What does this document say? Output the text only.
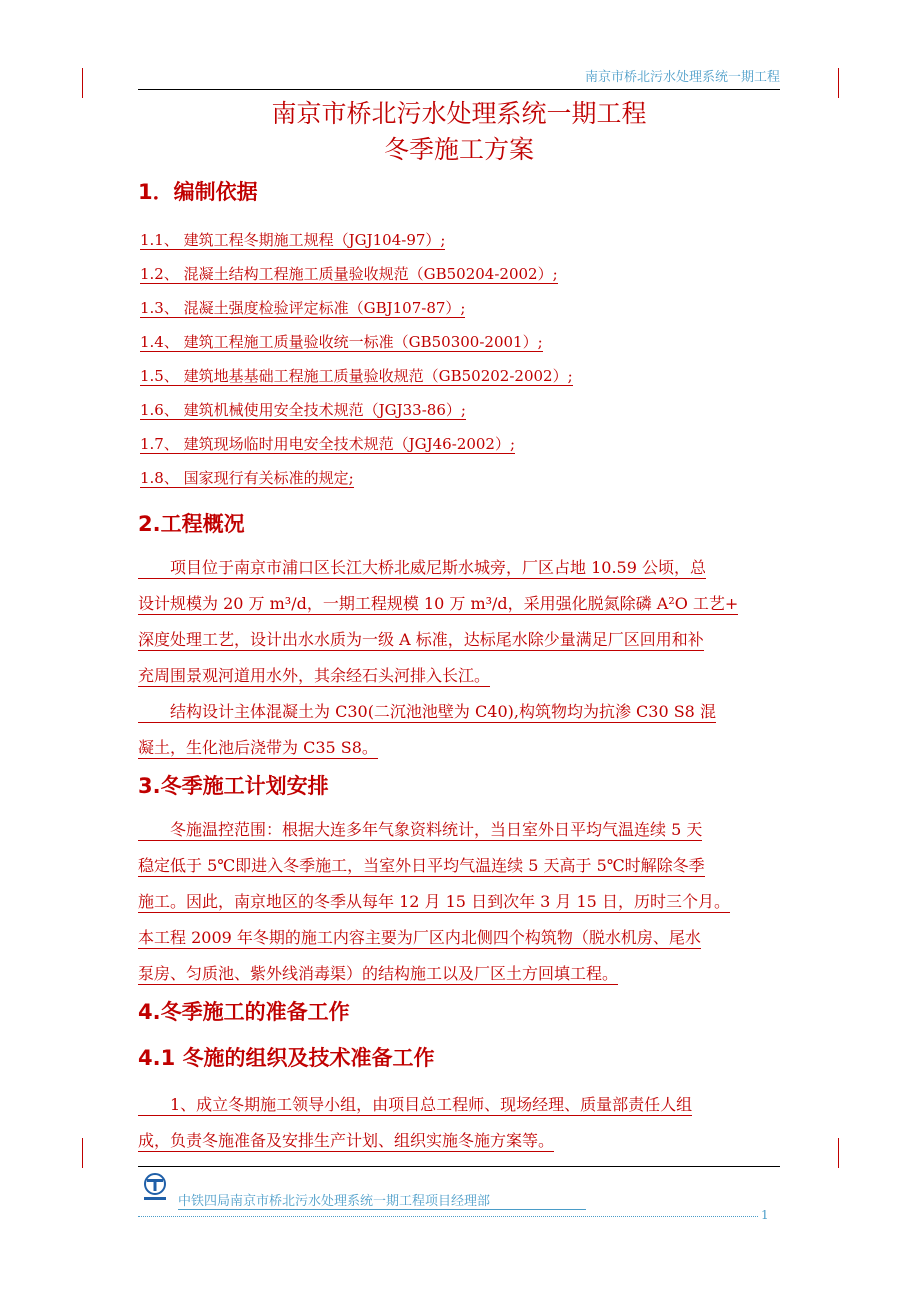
南京市桥北污水处理系统一期工程
南京市桥北污水处理系统一期工程
冬季施工方案
1．编制依据
1.1、 建筑工程冬期施工规程（JGJ104-97）;
1.2、 混凝土结构工程施工质量验收规范（GB50204-2002）;
1.3、 混凝土强度检验评定标准（GBJ107-87）;
1.4、 建筑工程施工质量验收统一标准（GB50300-2001）;
1.5、 建筑地基基础工程施工质量验收规范（GB50202-2002）;
1.6、 建筑机械使用安全技术规范（JGJ33-86）;
1.7、 建筑现场临时用电安全技术规范（JGJ46-2002）;
1.8、 国家现行有关标准的规定;
2.工程概况
　　项目位于南京市浦口区长江大桥北威尼斯水城旁，厂区占地 10.59 公顷，总
设计规模为 20 万 m³/d，一期工程规模 10 万 m³/d，采用强化脱氮除磷 A²O 工艺+
深度处理工艺，设计出水水质为一级 A 标准，达标尾水除少量满足厂区回用和补
充周围景观河道用水外，其余经石头河排入长江。
　　结构设计主体混凝土为 C30(二沉池池壁为 C40),构筑物均为抗渗 C30 S8 混
凝土，生化池后浇带为 C35 S8。
3.冬季施工计划安排
　　冬施温控范围：根据大连多年气象资料统计，当日室外日平均气温连续 5 天
稳定低于 5℃即进入冬季施工，当室外日平均气温连续 5 天高于 5℃时解除冬季
施工。因此，南京地区的冬季从每年 12 月 15 日到次年 3 月 15 日，历时三个月。
本工程 2009 年冬期的施工内容主要为厂区内北侧四个构筑物（脱水机房、尾水
泵房、匀质池、紫外线消毒渠）的结构施工以及厂区土方回填工程。
4.冬季施工的准备工作
4.1 冬施的组织及技术准备工作
　　1、成立冬期施工领导小组，由项目总工程师、现场经理、质量部责任人组
成，负责冬施准备及安排生产计划、组织实施冬施方案等。
中铁四局南京市桥北污水处理系统一期工程项目经理部
1
